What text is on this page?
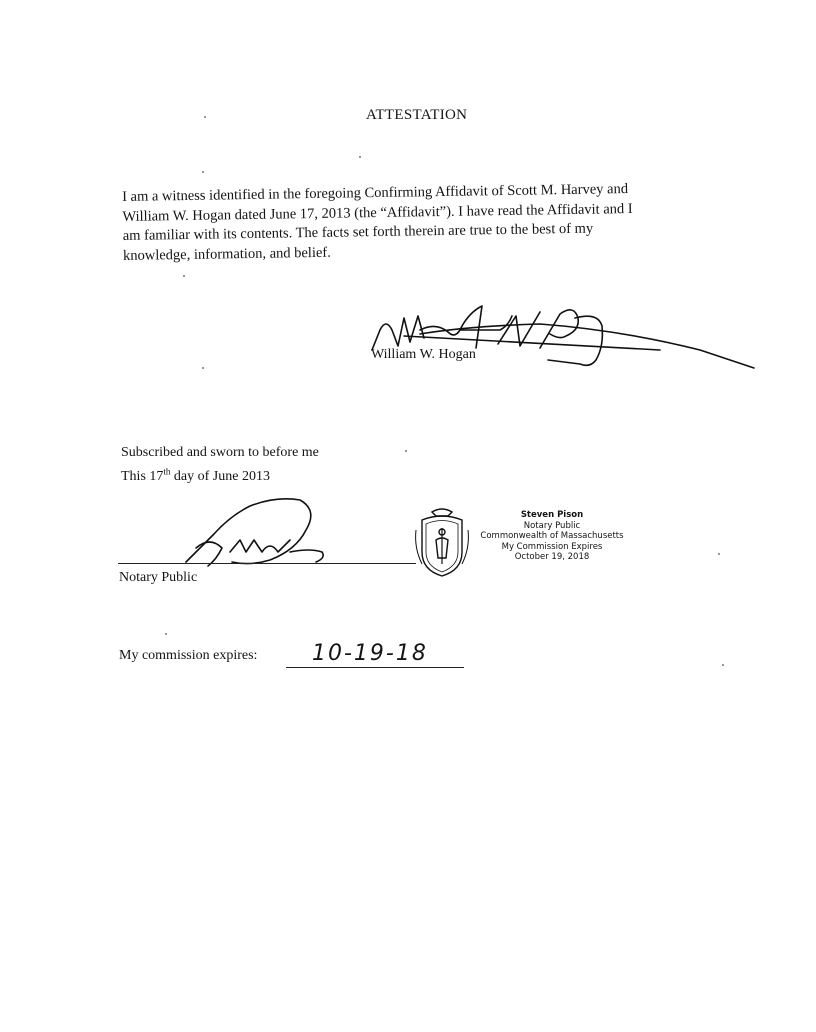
ATTESTATION
I am a witness identified in the foregoing Confirming Affidavit of Scott M. Harvey and
William W. Hogan dated June 17, 2013 (the “Affidavit”). I have read the Affidavit and I
am familiar with its contents. The facts set forth therein are true to the best of my
knowledge, information, and belief.
William W. Hogan
Subscribed and sworn to before me
This 17th day of June 2013
Notary Public
Steven Pison
Notary Public
Commonwealth of Massachusetts
My Commission Expires
October 19, 2018
My commission expires: 10-19-18
